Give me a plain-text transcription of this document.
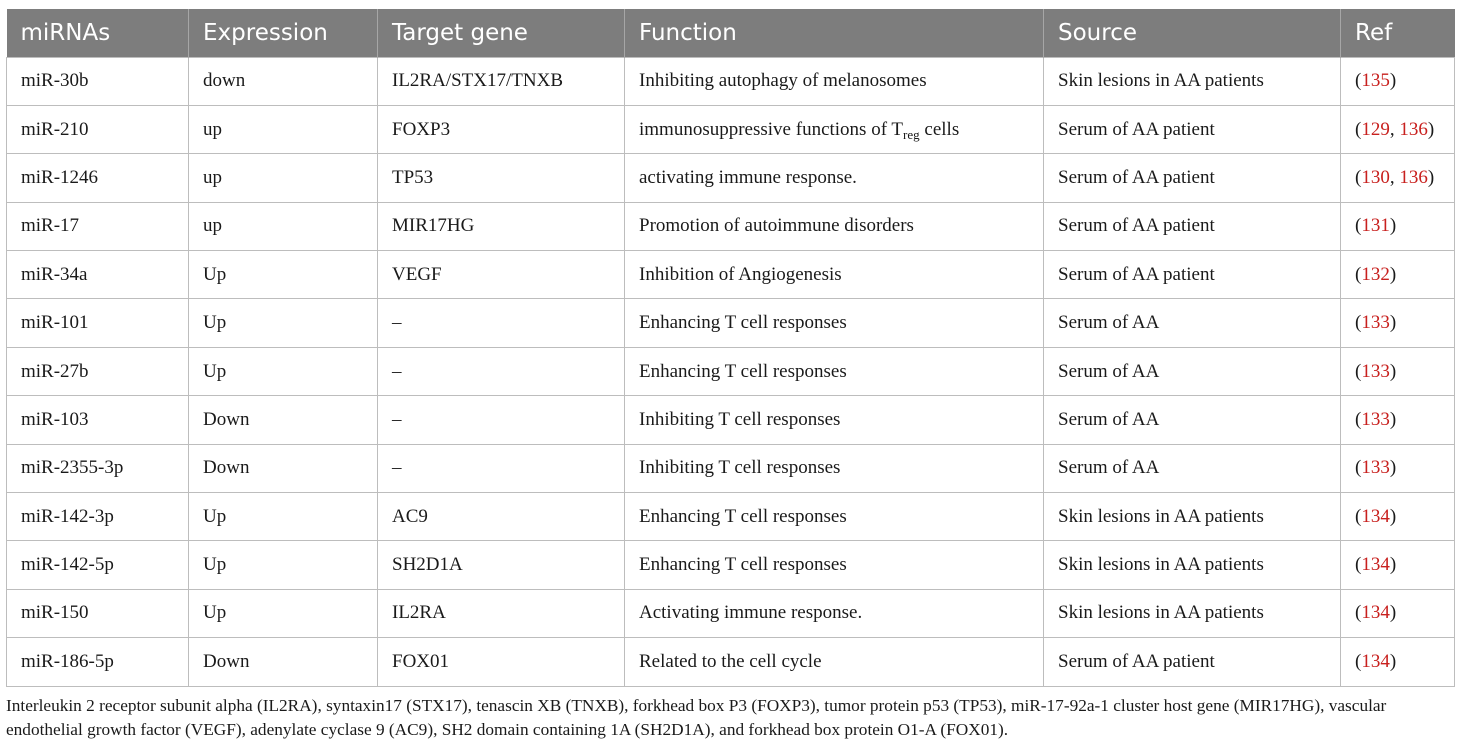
miRNAs	Expression	Target gene	Function	Source	Ref
miR-30b	down	IL2RA/STX17/TNXB	Inhibiting autophagy of melanosomes	Skin lesions in AA patients	(135)
miR-210	up	FOXP3	immunosuppressive functions of $T_{reg}$ cells	Serum of AA patient	(129, 136)
miR-1246	up	TP53	activating immune response.	Serum of AA patient	(130, 136)
miR-17	up	MIR17HG	Promotion of autoimmune disorders	Serum of AA patient	(131)
miR-34a	Up	VEGF	Inhibition of Angiogenesis	Serum of AA patient	(132)
miR-101	Up	–	Enhancing T cell responses	Serum of AA	(133)
miR-27b	Up	–	Enhancing T cell responses	Serum of AA	(133)
miR-103	Down	–	Inhibiting T cell responses	Serum of AA	(133)
miR-2355-3p	Down	–	Inhibiting T cell responses	Serum of AA	(133)
miR-142-3p	Up	AC9	Enhancing T cell responses	Skin lesions in AA patients	(134)
miR-142-5p	Up	SH2D1A	Enhancing T cell responses	Skin lesions in AA patients	(134)
miR-150	Up	IL2RA	Activating immune response.	Skin lesions in AA patients	(134)
miR-186-5p	Down	FOX01	Related to the cell cycle	Serum of AA patient	(134)
Interleukin 2 receptor subunit alpha (IL2RA), syntaxin17 (STX17), tenascin XB (TNXB), forkhead box P3 (FOXP3), tumor protein p53 (TP53), miR-17-92a-1 cluster host gene (MIR17HG), vascular endothelial growth factor (VEGF), adenylate cyclase 9 (AC9), SH2 domain containing 1A (SH2D1A), and forkhead box protein O1-A (FOX01).
